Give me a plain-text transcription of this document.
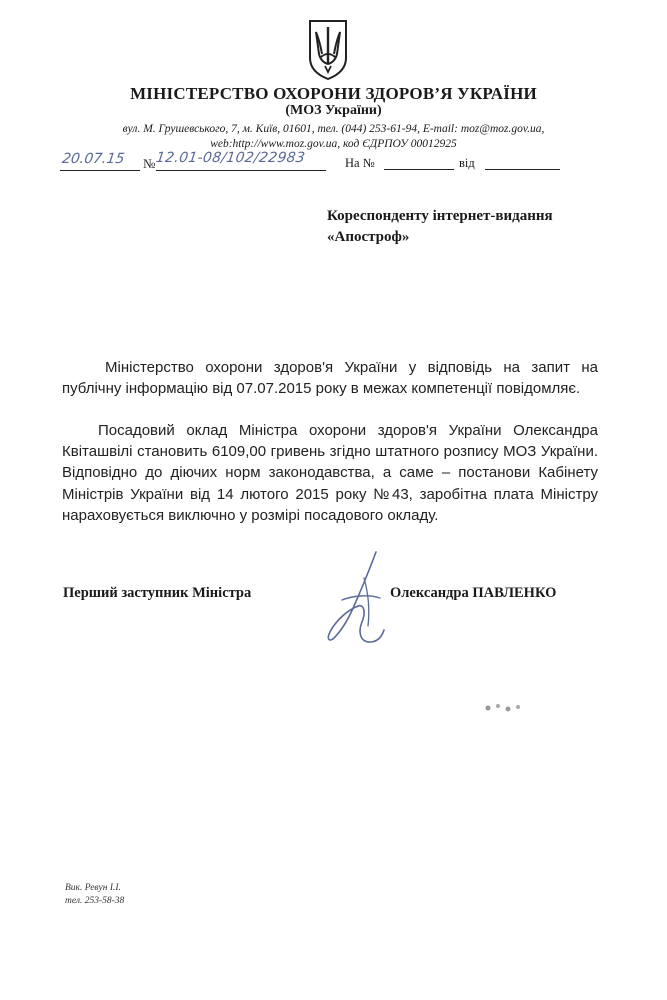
МІНІСТЕРСТВО ОХОРОНИ ЗДОРОВ’Я УКРАЇНИ
(МОЗ України)
вул. М. Грушевського, 7, м. Київ, 01601, тел. (044) 253-61-94, E-mail: moz@moz.gov.ua,
web:http://www.moz.gov.ua, код ЄДРПОУ 00012925
20.07.15 № 12.01-08/102/22983	На №	від
Кореспонденту інтернет-видання
«Апостроф»
Міністерство охорони здоров'я України у відповідь на запит на публічну інформацію від 07.07.2015 року в межах компетенції повідомляє.
Посадовий оклад Міністра охорони здоров'я України Олександра Квіташвілі становить 6109,00 гривень згідно штатного розпису МОЗ України. Відповідно до діючих норм законодавства, а саме – постанови Кабінету Міністрів України від 14 лютого 2015 року №43, заробітна плата Міністру нараховується виключно у розмірі посадового окладу.
Перший заступник Міністра	Олександра ПАВЛЕНКО
Вик. Ревун І.І.
тел. 253-58-38
